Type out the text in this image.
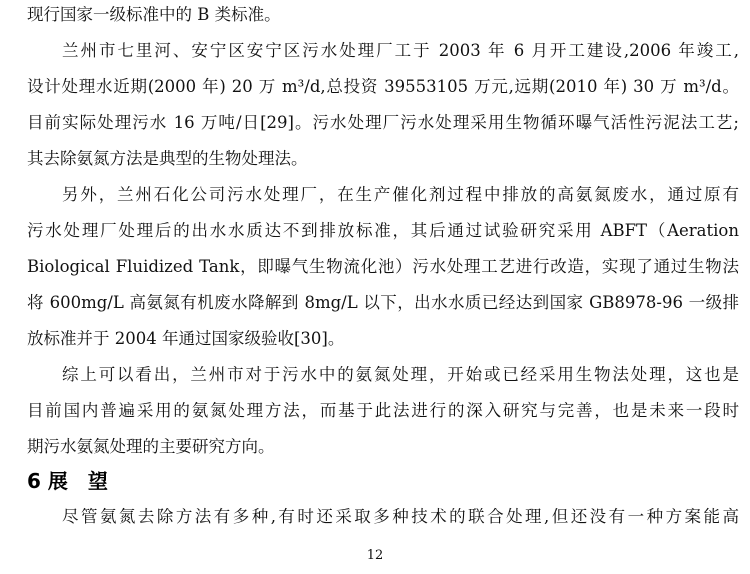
现行国家一级标准中的 B 类标准。
兰州市七里河、安宁区安宁区污水处理厂工于 2003 年 6 月开工建设,2006 年竣工,
设计处理水近期(2000 年) 20 万 m³/d,总投资 39553105 万元,远期(2010 年) 30 万 m³/d。
目前实际处理污水 16 万吨/日[29]。污水处理厂污水处理采用生物循环曝气活性污泥法工艺;
其去除氨氮方法是典型的生物处理法。
另外，兰州石化公司污水处理厂，在生产催化剂过程中排放的高氨氮废水，通过原有
污水处理厂处理后的出水水质达不到排放标准，其后通过试验研究采用 ABFT（Aeration
Biological Fluidized Tank，即曝气生物流化池）污水处理工艺进行改造，实现了通过生物法
将 600mg/L 高氨氮有机废水降解到 8mg/L 以下，出水水质已经达到国家 GB8978-96 一级排
放标准并于 2004 年通过国家级验收[30]。
综上可以看出，兰州市对于污水中的氨氮处理，开始或已经采用生物法处理，这也是
目前国内普遍采用的氨氮处理方法，而基于此法进行的深入研究与完善，也是未来一段时
期污水氨氮处理的主要研究方向。
6 展　望
尽管氨氮去除方法有多种,有时还采取多种技术的联合处理,但还没有一种方案能高
12
